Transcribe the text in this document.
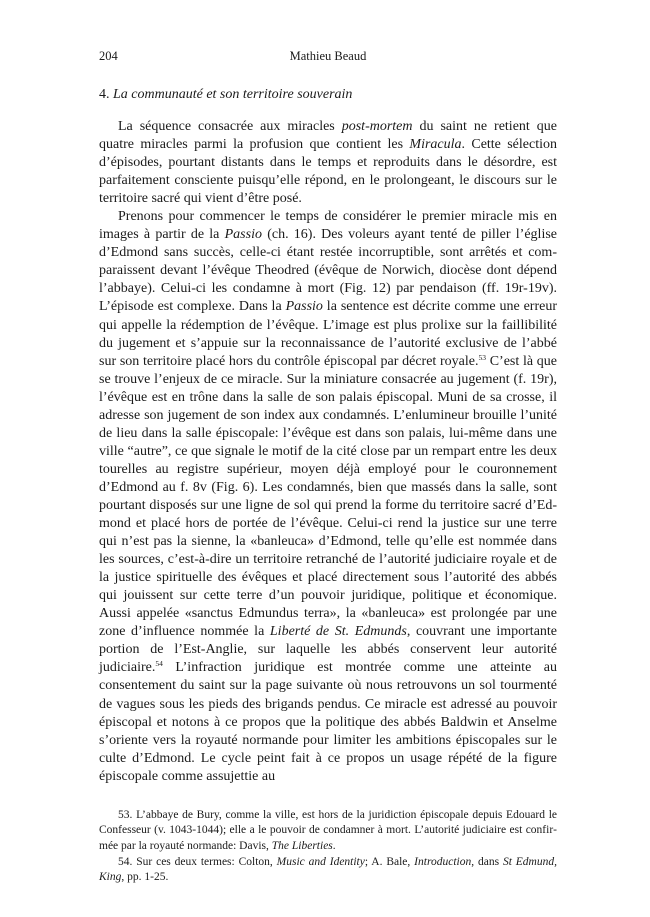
204	Mathieu Beaud
4. La communauté et son territoire souverain

La séquence consacrée aux miracles post-mortem du saint ne retient que quatre miracles parmi la profusion que contient les Miracula. Cette sélection d’épisodes, pourtant distants dans le temps et reproduits dans le désordre, est parfaitement consciente puisqu’elle répond, en le prolongeant, le discours sur le territoire sacré qui vient d’être posé.

Prenons pour commencer le temps de considérer le premier miracle mis en images à partir de la Passio (ch. 16). Des voleurs ayant tenté de piller l’église d’Edmond sans succès, celle-ci étant restée incorruptible, sont arrêtés et comparaissent devant l’évêque Theodred (évêque de Norwich, diocèse dont dépend l’abbaye). Celui-ci les condamne à mort (Fig. 12) par pendaison (ff. 19r-19v). L’épisode est complexe. Dans la Passio la sentence est décrite comme une erreur qui appelle la rédemption de l’évêque. L’image est plus prolixe sur la faillibilité du jugement et s’appuie sur la reconnaissance de l’autorité exclusive de l’abbé sur son territoire placé hors du contrôle épiscopal par décret royale.$^{53}$ C’est là que se trouve l’enjeux de ce miracle. Sur la miniature consacrée au jugement (f. 19r), l’évêque est en trône dans la salle de son palais épiscopal. Muni de sa crosse, il adresse son jugement de son index aux condamnés. L’enlumineur brouille l’unité de lieu dans la salle épiscopale: l’évêque est dans son palais, lui-même dans une ville “autre”, ce que signale le motif de la cité close par un rempart entre les deux tourelles au registre supérieur, moyen déjà employé pour le couronnement d’Edmond au f. 8v (Fig. 6). Les condamnés, bien que massés dans la salle, sont pourtant disposés sur une ligne de sol qui prend la forme du territoire sacré d’Edmond et placé hors de portée de l’évêque. Celui-ci rend la justice sur une terre qui n’est pas la sienne, la «banleuca» d’Edmond, telle qu’elle est nommée dans les sources, c’est-à-dire un territoire retranché de l’autorité judiciaire royale et de la justice spirituelle des évêques et placé directement sous l’autorité des abbés qui jouissent sur cette terre d’un pouvoir juridique, politique et économique. Aussi appelée «sanctus Edmundus terra», la «banleuca» est prolongée par une zone d’influence nommée la Liberté de St. Edmunds, couvrant une importante portion de l’Est-Anglie, sur laquelle les abbés conservent leur autorité judiciaire.$^{54}$ L’infraction juridique est montrée comme une atteinte au consentement du saint sur la page suivante où nous retrouvons un sol tourmenté de vagues sous les pieds des brigands pendus. Ce miracle est adressé au pouvoir épiscopal et notons à ce propos que la politique des abbés Baldwin et Anselme s’oriente vers la royauté normande pour limiter les ambitions épiscopales sur le culte d’Edmond. Le cycle peint fait à ce propos un usage répété de la figure épiscopale comme assujettie au

53. L’abbaye de Bury, comme la ville, est hors de la juridiction épiscopale depuis Edouard le Confesseur (v. 1043-1044); elle a le pouvoir de condamner à mort. L’autorité judiciaire est confirmée par la royauté normande: Davis, The Liberties.

54. Sur ces deux termes: Colton, Music and Identity; A. Bale, Introduction, dans St Edmund, King, pp. 1-25.
